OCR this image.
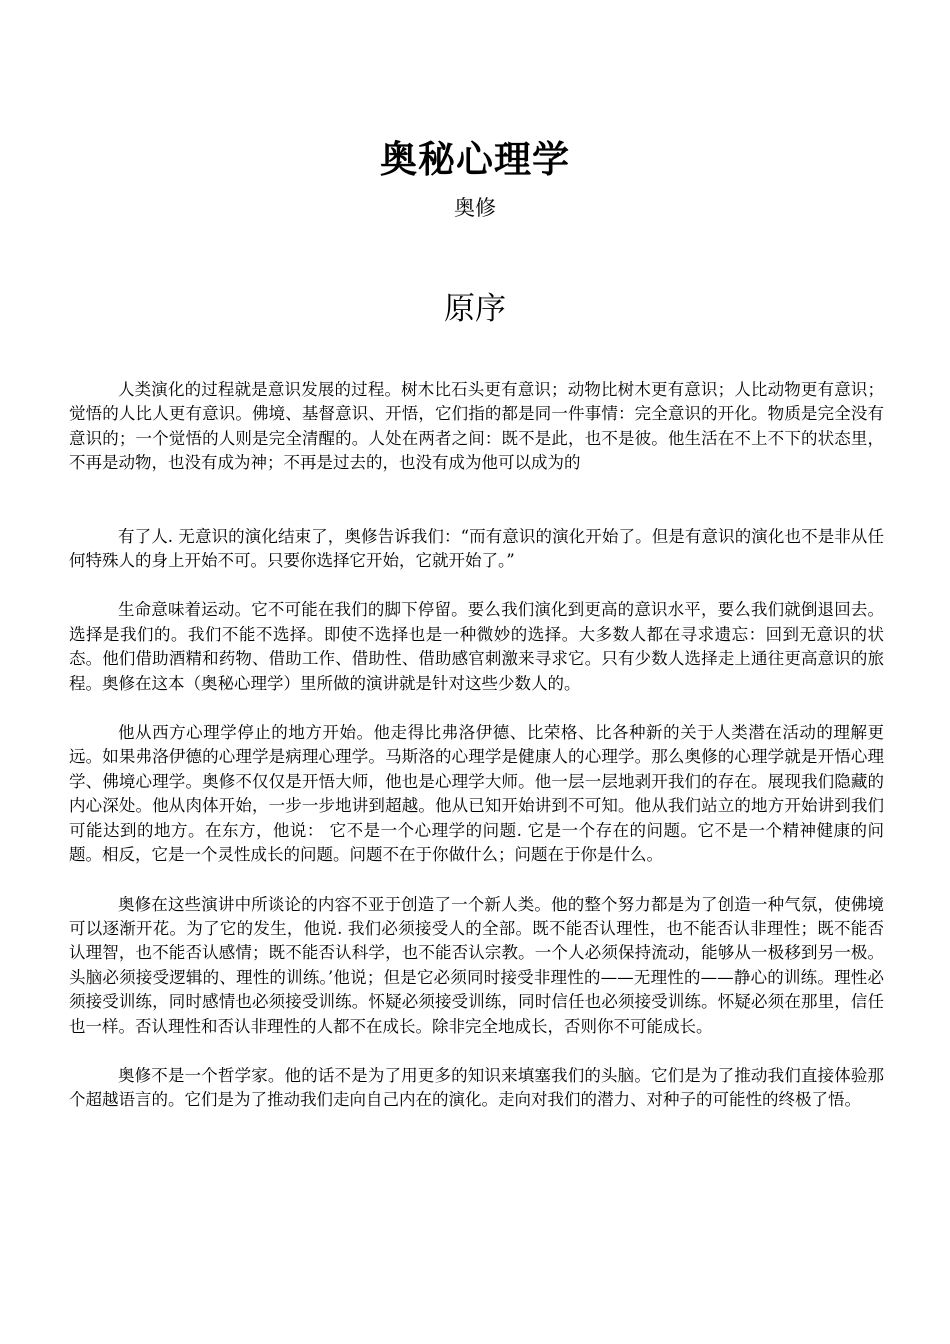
奥秘心理学
奥修
原序

人类演化的过程就是意识发展的过程。树木比石头更有意识；动物比树木更有意识；人比动物更有意识；觉悟的人比人更有意识。佛境、基督意识、开悟，它们指的都是同一件事情：完全意识的开化。物质是完全没有意识的；一个觉悟的人则是完全清醒的。人处在两者之间：既不是此，也不是彼。他生活在不上不下的状态里，不再是动物，也没有成为神；不再是过去的，也没有成为他可以成为的

有了人. 无意识的演化结束了，奥修告诉我们：“而有意识的演化开始了。但是有意识的演化也不是非从任何特殊人的身上开始不可。只要你选择它开始，它就开始了。”

生命意味着运动。它不可能在我们的脚下停留。要么我们演化到更高的意识水平，要么我们就倒退回去。选择是我们的。我们不能不选择。即使不选择也是一种微妙的选择。大多数人都在寻求遗忘：回到无意识的状态。他们借助酒精和药物、借助工作、借助性、借助感官刺激来寻求它。只有少数人选择走上通往更高意识的旅程。奥修在这本（奥秘心理学）里所做的演讲就是针对这些少数人的。

他从西方心理学停止的地方开始。他走得比弗洛伊德、比荣格、比各种新的关于人类潜在活动的理解更远。如果弗洛伊德的心理学是病理心理学。马斯洛的心理学是健康人的心理学。那么奥修的心理学就是开悟心理学、佛境心理学。奥修不仅仅是开悟大师，他也是心理学大师。他一层一层地剥开我们的存在。展现我们隐藏的内心深处。他从肉体开始，一步一步地讲到超越。他从已知开始讲到不可知。他从我们站立的地方开始讲到我们可能达到的地方。在东方，他说： 它不是一个心理学的问题. 它是一个存在的问题。它不是一个精神健康的问题。相反，它是一个灵性成长的问题。问题不在于你做什么；问题在于你是什么。

奥修在这些演讲中所谈论的内容不亚于创造了一个新人类。他的整个努力都是为了创造一种气氛，使佛境可以逐渐开花。为了它的发生，他说. 我们必须接受人的全部。既不能否认理性，也不能否认非理性；既不能否认理智，也不能否认感情；既不能否认科学，也不能否认宗教。一个人必须保持流动，能够从一极移到另一极。头脑必须接受逻辑的、理性的训练。’他说；但是它必须同时接受非理性的——无理性的——静心的训练。理性必须接受训练，同时感情也必须接受训练。怀疑必须接受训练，同时信任也必须接受训练。怀疑必须在那里，信任也一样。否认理性和否认非理性的人都不在成长。除非完全地成长，否则你不可能成长。

奥修不是一个哲学家。他的话不是为了用更多的知识来填塞我们的头脑。它们是为了推动我们直接体验那个超越语言的。它们是为了推动我们走向自己内在的演化。走向对我们的潜力、对种子的可能性的终极了悟。
